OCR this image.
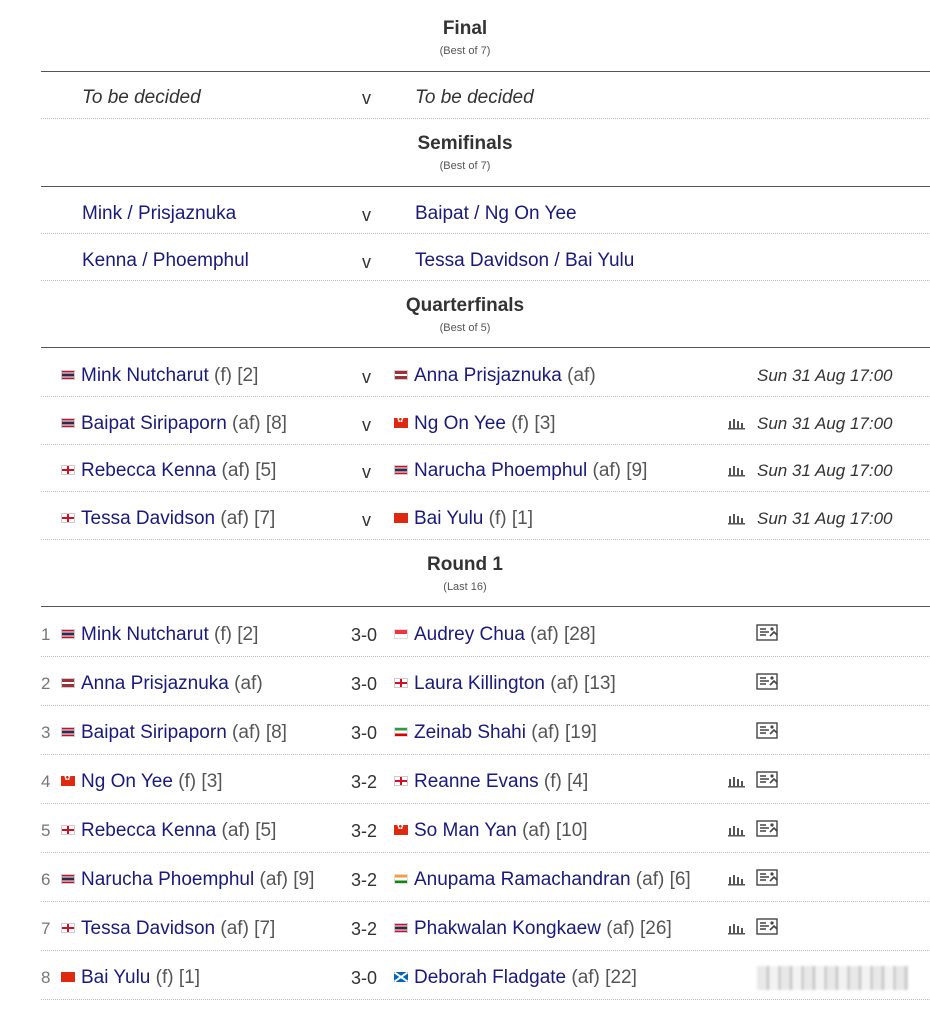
Final
(Best of 7)
To be decided	v To be decided
Semifinals
(Best of 7)
Mink / Prisjaznuka	v Baipat / Ng On Yee
Kenna / Phoemphul	v Tessa Davidson / Bai Yulu
Quarterfinals
(Best of 5)
Mink Nutcharut (f) [2]	v	Anna Prisjaznuka (af)	Sun 31 Aug 17:00
Baipat Siripaporn (af) [8]	v ✿	Ng On Yee (f) [3]	Sun 31 Aug 17:00
Rebecca Kenna (af) [5]	v	Narucha Phoemphul (af) [9]	Sun 31 Aug 17:00
Tessa Davidson (af) [7]	v	Bai Yulu (f) [1]	Sun 31 Aug 17:00
Round 1
(Last 16)
1	Mink Nutcharut (f) [2]	3-0	Audrey Chua (af) [28]
2	Anna Prisjaznuka (af)	3-0	Laura Killington (af) [13]
3	Baipat Siripaporn (af) [8]	3-0	Zeinab Shahi (af) [19]
4 ✿	Ng On Yee (f) [3]	3-2	Reanne Evans (f) [4]
5	Rebecca Kenna (af) [5]	3-2 ✿	So Man Yan (af) [10]
6	Narucha Phoemphul (af) [9] 3-2	Anupama Ramachandran (af) [6]
7	Tessa Davidson (af) [7]	3-2	Phakwalan Kongkaew (af) [26]
8	Bai Yulu (f) [1]	3-0	Deborah Fladgate (af) [22]
